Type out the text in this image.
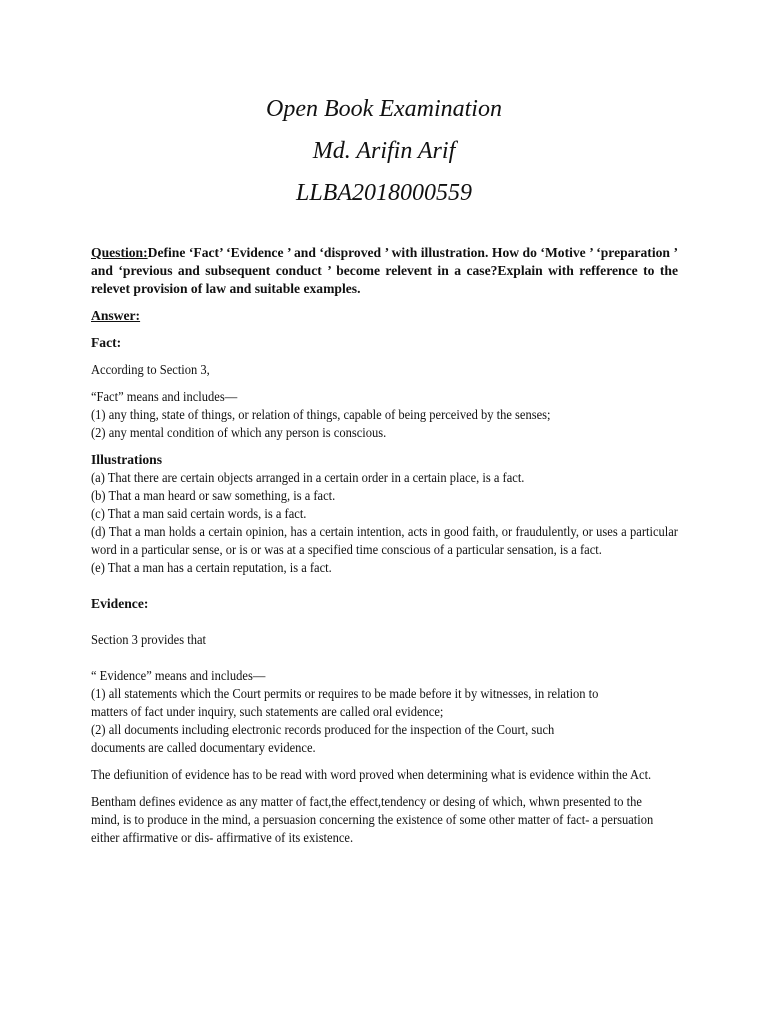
Open Book Examination

Md. Arifin Arif

LLBA2018000559

Question:Define ‘Fact’ ‘Evidence ’ and ‘disproved ’ with illustration. How do ‘Motive ’ ‘preparation ’ and ‘previous and subsequent conduct ’ become relevent in a case?Explain with refference to the relevet provision of law and suitable examples.

Answer:
Fact:

According to Section 3,

“Fact” means and includes—
(1) any thing, state of things, or relation of things, capable of being perceived by the senses;
(2) any mental condition of which any person is conscious.

Illustrations

(a) That there are certain objects arranged in a certain order in a certain place, is a fact.
(b) That a man heard or saw something, is a fact.
(c) That a man said certain words, is a fact.
(d) That a man holds a certain opinion, has a certain intention, acts in good faith, or fraudulently, or uses a particular word in a particular sense, or is or was at a specified time conscious of a particular sensation, is a fact.
(e) That a man has a certain reputation, is a fact.

Evidence:

Section 3 provides that

“ Evidence” means and includes—
(1) all statements which the Court permits or requires to be made before it by witnesses, in relation to matters of fact under inquiry, such statements are called oral evidence;
(2) all documents including electronic records produced for the inspection of the Court, such documents are called documentary evidence.

The defiunition of evidence has to be read with word proved when determining what is evidence within the Act.

Bentham defines evidence as any matter of fact,the effect,tendency or desing of which, whwn presented to the mind, is to produce in the mind, a persuasion concerning the existence of some other matter of fact- a persuation either affirmative or dis- affirmative of its existence.
